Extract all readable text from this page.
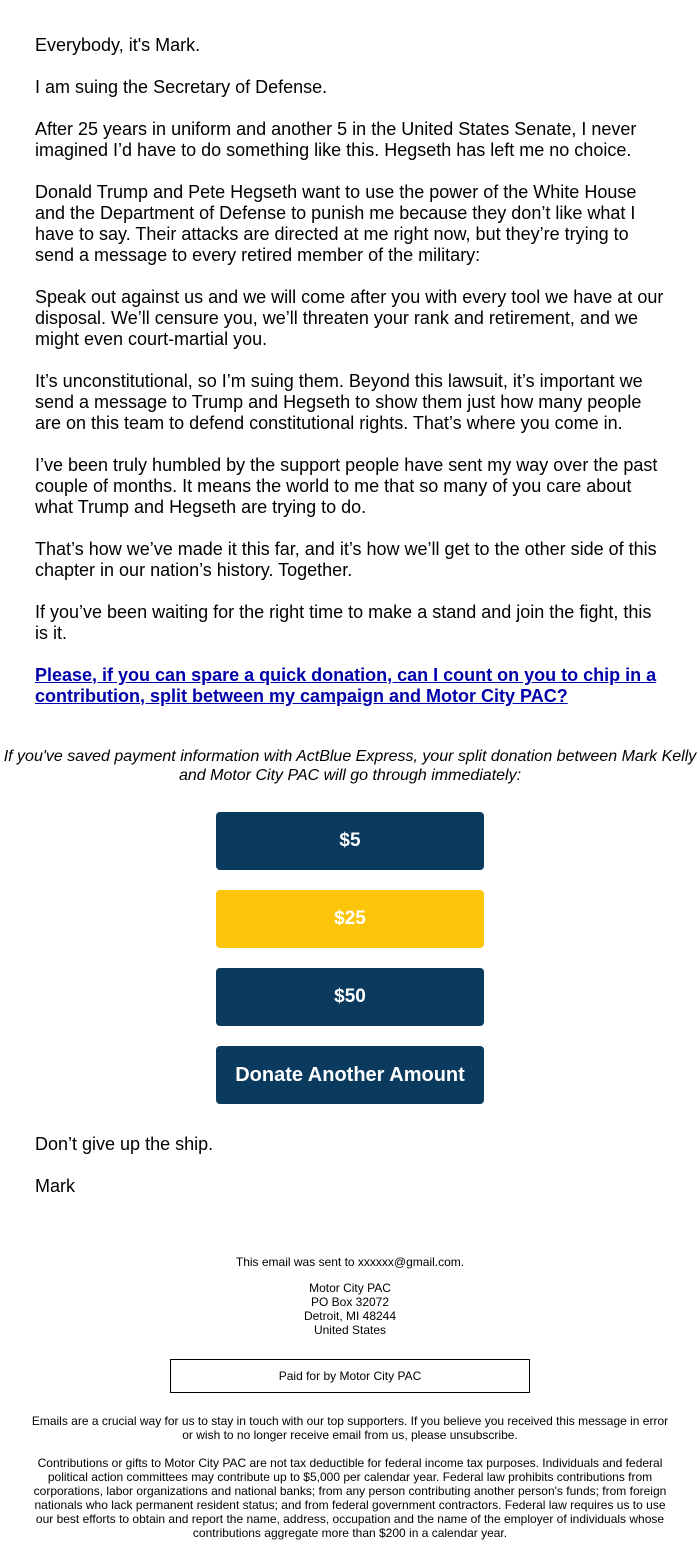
Everybody, it's Mark.

I am suing the Secretary of Defense.

After 25 years in uniform and another 5 in the United States Senate, I never imagined I’d have to do something like this. Hegseth has left me no choice.

Donald Trump and Pete Hegseth want to use the power of the White House and the Department of Defense to punish me because they don’t like what I have to say. Their attacks are directed at me right now, but they’re trying to send a message to every retired member of the military:

Speak out against us and we will come after you with every tool we have at our disposal. We’ll censure you, we’ll threaten your rank and retirement, and we might even court-martial you.

It’s unconstitutional, so I’m suing them. Beyond this lawsuit, it’s important we send a message to Trump and Hegseth to show them just how many people are on this team to defend constitutional rights. That’s where you come in.

I’ve been truly humbled by the support people have sent my way over the past couple of months. It means the world to me that so many of you care about what Trump and Hegseth are trying to do.

That’s how we’ve made it this far, and it’s how we’ll get to the other side of this chapter in our nation’s history. Together.

If you’ve been waiting for the right time to make a stand and join the fight, this is it.

Please, if you can spare a quick donation, can I count on you to chip in a contribution, split between my campaign and Motor City PAC?
If you've saved payment information with ActBlue Express, your split donation between Mark Kelly and Motor City PAC will go through immediately:
$5
$25
$50
Donate Another Amount
Don’t give up the ship.
Mark
This email was sent to xxxxxx@gmail.com.
Motor City PAC
PO Box 32072
Detroit, MI 48244
United States
Paid for by Motor City PAC
Emails are a crucial way for us to stay in touch with our top supporters. If you believe you received this message in error or wish to no longer receive email from us, please unsubscribe.
Contributions or gifts to Motor City PAC are not tax deductible for federal income tax purposes. Individuals and federal political action committees may contribute up to $5,000 per calendar year. Federal law prohibits contributions from corporations, labor organizations and national banks; from any person contributing another person's funds; from foreign nationals who lack permanent resident status; and from federal government contractors. Federal law requires us to use our best efforts to obtain and report the name, address, occupation and the name of the employer of individuals whose contributions aggregate more than $200 in a calendar year.
